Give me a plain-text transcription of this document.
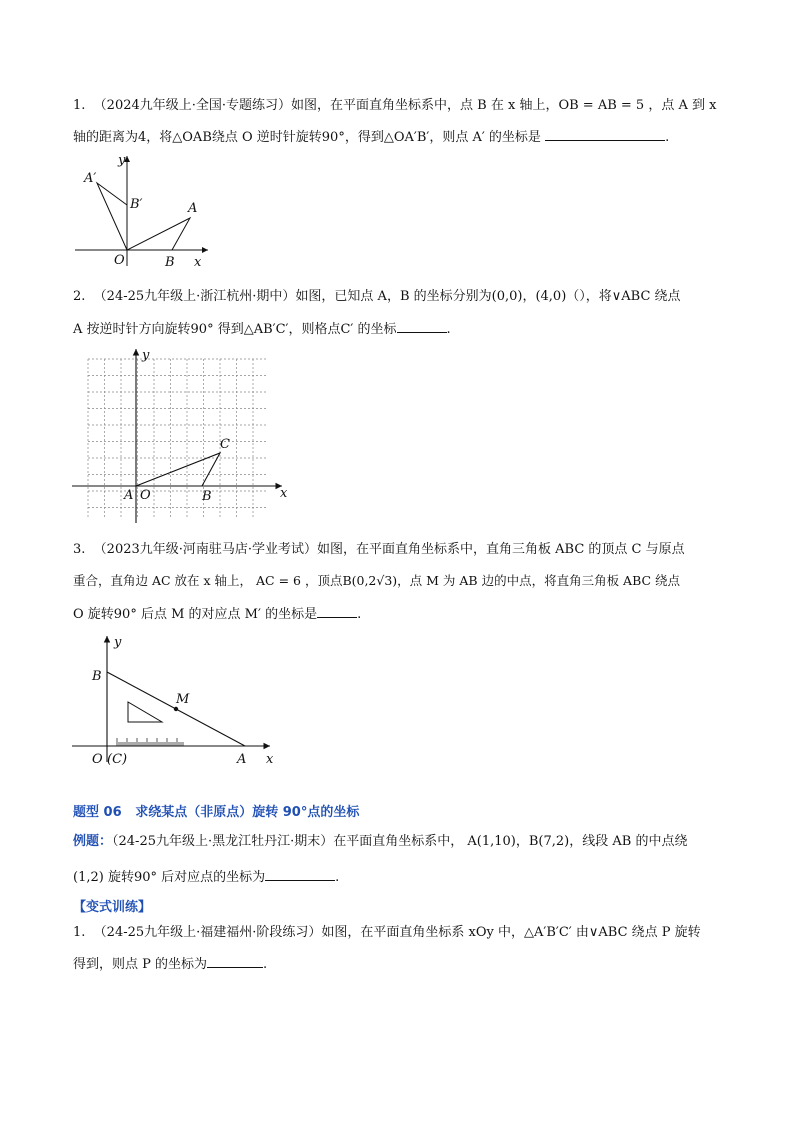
1. （2024九年级上·全国·专题练习）如图，在平面直角坐标系中，点 B 在 x 轴上，OB = AB = 5 ，点 A 到 x
轴的距离为4，将△OAB绕点 O 逆时针旋转90°，得到△OA′B′，则点 A′ 的坐标是	.
y
x
O
A
B
A′
B′
2. （24-25九年级上·浙江杭州·期中）如图，已知点 A，B 的坐标分别为(0,0)，(4,0)（），将∨ABC 绕点
A 按逆时针方向旋转90° 得到△AB′C′，则格点C′ 的坐标	.
y
x
A O	B
C
3. （2023九年级·河南驻马店·学业考试）如图，在平面直角坐标系中，直角三角板 ABC 的顶点 C 与原点
重合，直角边 AC 放在 x 轴上， AC = 6 ，顶点B(0,2√3)，点 M 为 AB 边的中点，将直角三角板 ABC 绕点
O 旋转90° 后点 M 的对应点 M′ 的坐标是	.
y
x
B
M
O (C)	A
题型 06 求绕某点（非原点）旋转 90°点的坐标
例题：（24-25九年级上·黑龙江牡丹江·期末）在平面直角坐标系中， A(1,10)，B(7,2)，线段 AB 的中点绕
(1,2) 旋转90° 后对应点的坐标为	.
【变式训练】
1. （24-25九年级上·福建福州·阶段练习）如图，在平面直角坐标系 xOy 中，△A′B′C′ 由∨ABC 绕点 P 旋转
得到，则点 P 的坐标为	.
